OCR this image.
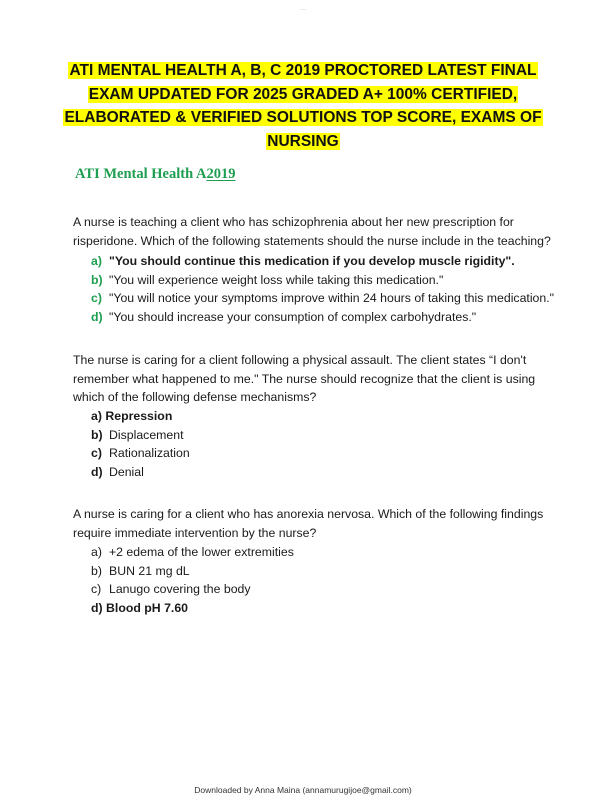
——
ATI MENTAL HEALTH A, B, C 2019 PROCTORED LATEST FINAL EXAM UPDATED FOR 2025 GRADED A+ 100% CERTIFIED, ELABORATED & VERIFIED SOLUTIONS TOP SCORE, EXAMS OF NURSING
ATI Mental Health A2019
A nurse is teaching a client who has schizophrenia about her new prescription for risperidone. Which of the following statements should the nurse include in the teaching?
a) "You should continue this medication if you develop muscle rigidity".
b) "You will experience weight loss while taking this medication."
c) "You will notice your symptoms improve within 24 hours of taking this medication."
d) "You should increase your consumption of complex carbohydrates."
The nurse is caring for a client following a physical assault. The client states “I don't remember what happened to me." The nurse should recognize that the client is using which of the following defense mechanisms?
a) Repression
b) Displacement
c) Rationalization
d) Denial
A nurse is caring for a client who has anorexia nervosa. Which of the following findings require immediate intervention by the nurse?
a) +2 edema of the lower extremities
b) BUN 21 mg dL
c) Lanugo covering the body
d) Blood pH 7.60
Downloaded by Anna Maina (annamurugijoe@gmail.com)
